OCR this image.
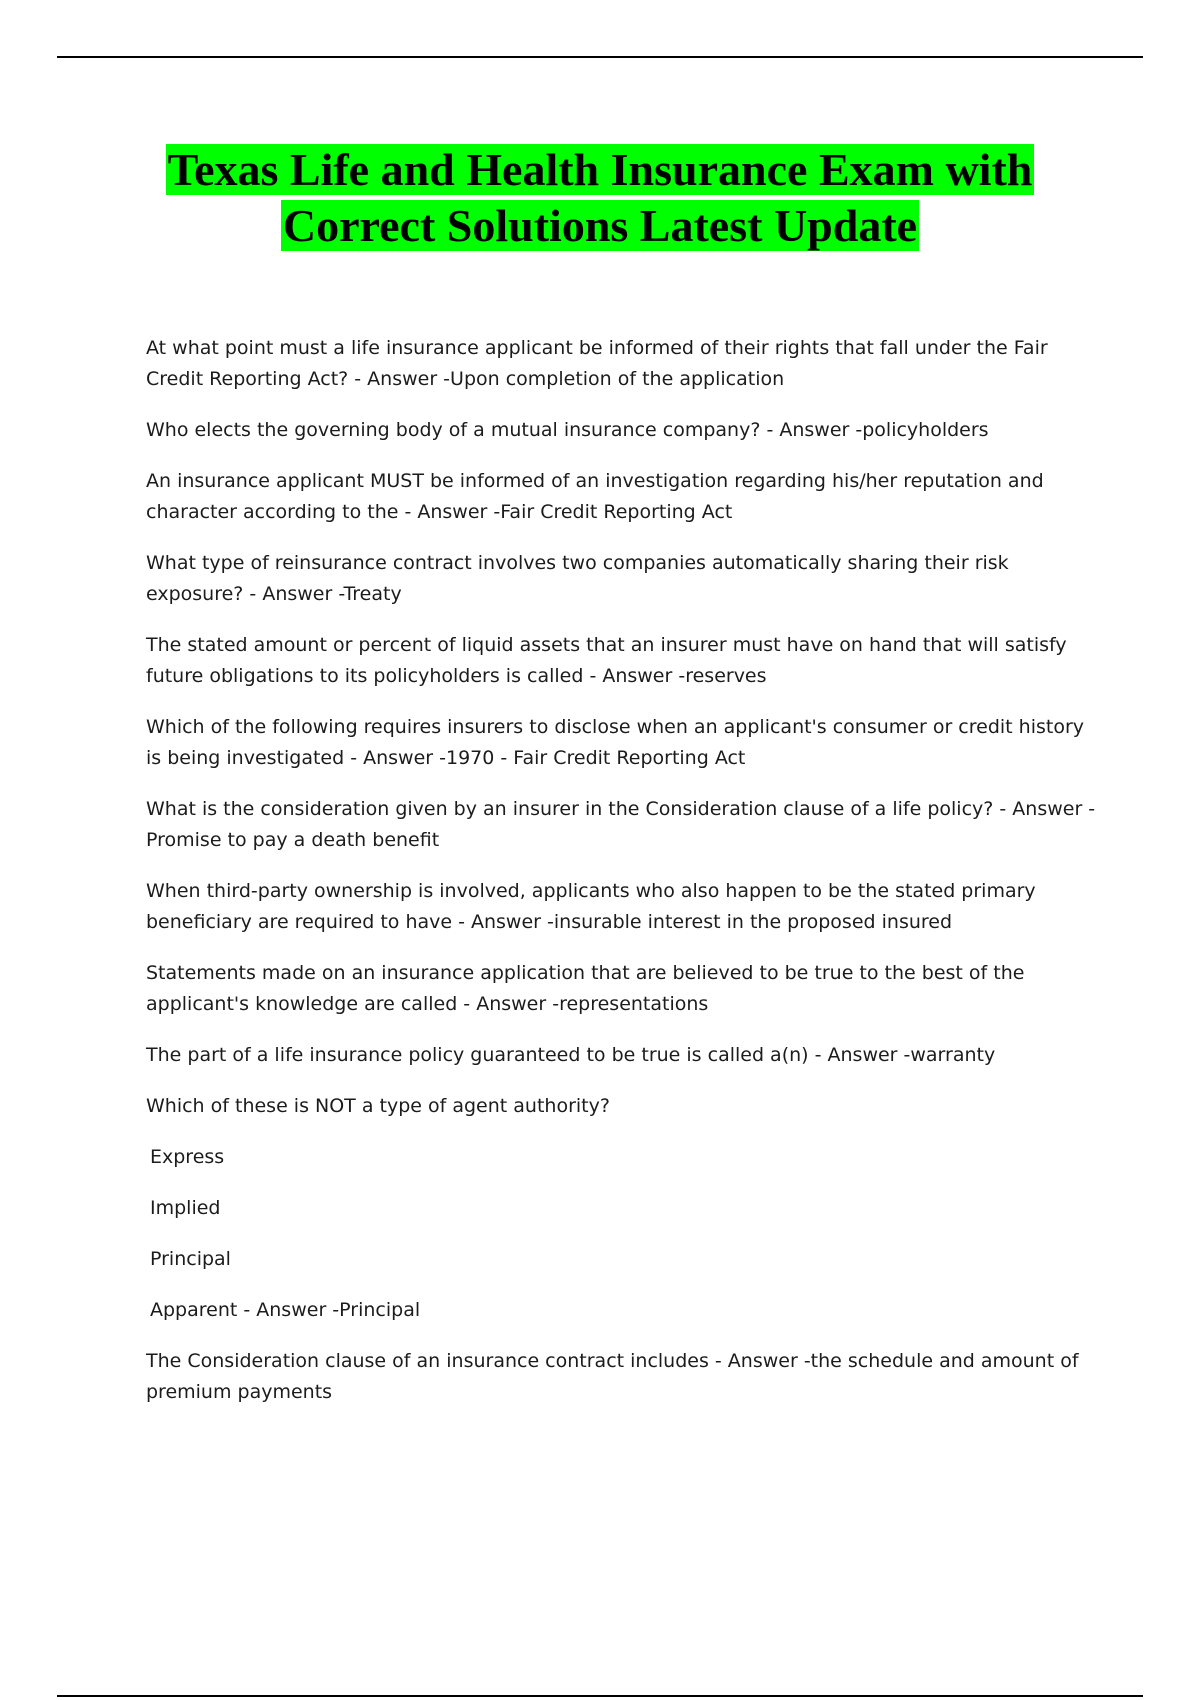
Texas Life and Health Insurance Exam with
Correct Solutions Latest Update

At what point must a life insurance applicant be informed of their rights that fall under the Fair Credit Reporting Act? - Answer -Upon completion of the application

Who elects the governing body of a mutual insurance company? - Answer -policyholders

An insurance applicant MUST be informed of an investigation regarding his/her reputation and character according to the - Answer -Fair Credit Reporting Act

What type of reinsurance contract involves two companies automatically sharing their risk exposure? - Answer -Treaty

The stated amount or percent of liquid assets that an insurer must have on hand that will satisfy future obligations to its policyholders is called - Answer -reserves

Which of the following requires insurers to disclose when an applicant's consumer or credit history is being investigated - Answer -1970 - Fair Credit Reporting Act

What is the consideration given by an insurer in the Consideration clause of a life policy? - Answer - Promise to pay a death benefit

When third-party ownership is involved, applicants who also happen to be the stated primary beneficiary are required to have - Answer -insurable interest in the proposed insured

Statements made on an insurance application that are believed to be true to the best of the applicant's knowledge are called - Answer -representations

The part of a life insurance policy guaranteed to be true is called a(n) - Answer -warranty

Which of these is NOT a type of agent authority?

Express

Implied

Principal

Apparent - Answer -Principal

The Consideration clause of an insurance contract includes - Answer -the schedule and amount of premium payments
